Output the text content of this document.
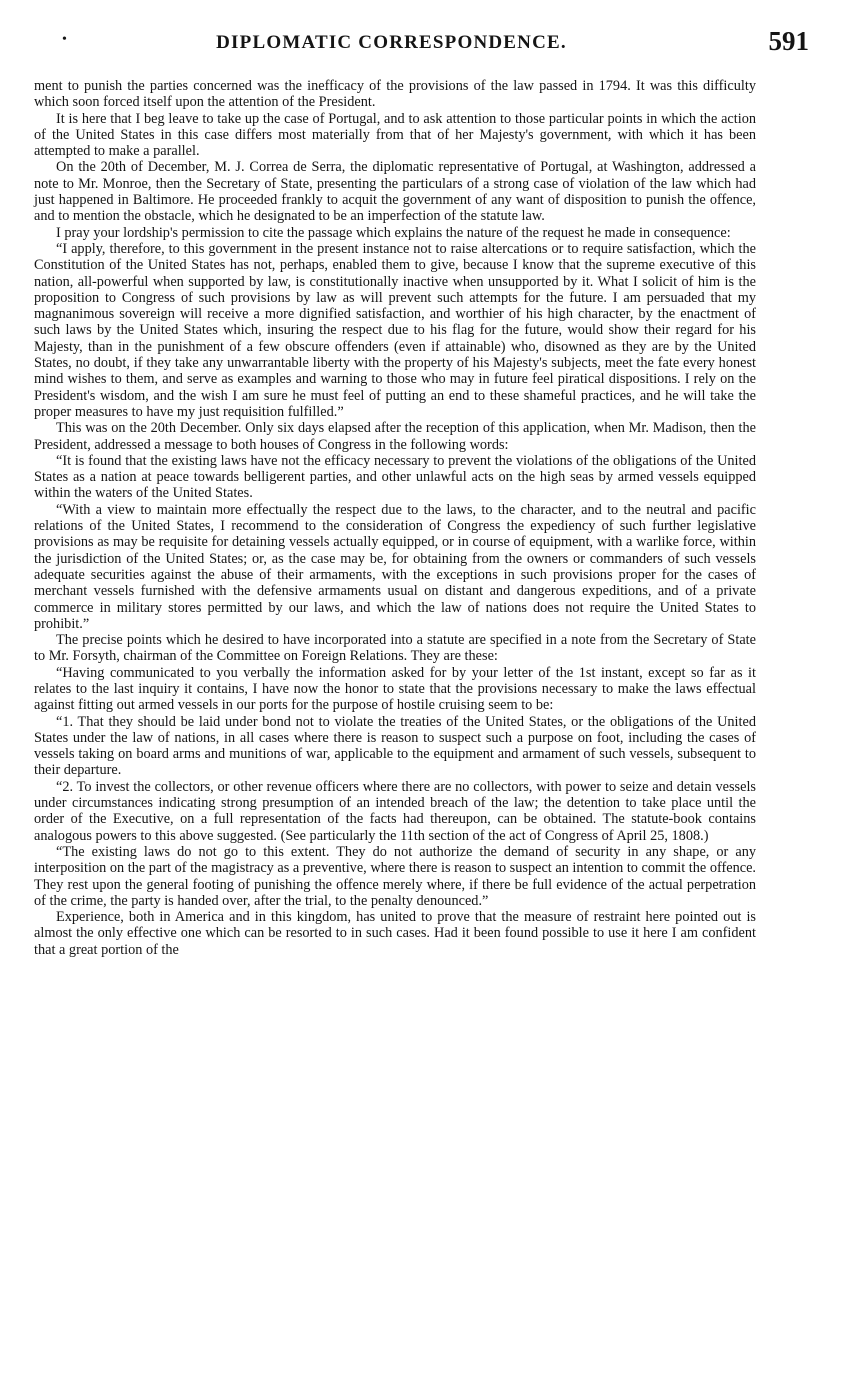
•	DIPLOMATIC CORRESPONDENCE.	591

ment to punish the parties concerned was the inefficacy of the provisions of the law passed in 1794. It was this difficulty which soon forced itself upon the attention of the President.

It is here that I beg leave to take up the case of Portugal, and to ask attention to those particular points in which the action of the United States in this case differs most materially from that of her Majesty's government, with which it has been attempted to make a parallel.

On the 20th of December, M. J. Correa de Serra, the diplomatic representative of Portugal, at Washington, addressed a note to Mr. Monroe, then the Secretary of State, presenting the particulars of a strong case of violation of the law which had just happened in Baltimore. He proceeded frankly to acquit the government of any want of disposition to punish the offence, and to mention the obstacle, which he designated to be an imperfection of the statute law.

I pray your lordship's permission to cite the passage which explains the nature of the request he made in consequence:

“I apply, therefore, to this government in the present instance not to raise altercations or to require satisfaction, which the Constitution of the United States has not, perhaps, enabled them to give, because I know that the supreme executive of this nation, all-powerful when supported by law, is constitutionally inactive when unsupported by it. What I solicit of him is the proposition to Congress of such provisions by law as will prevent such attempts for the future. I am persuaded that my magnanimous sovereign will receive a more dignified satisfaction, and worthier of his high character, by the enactment of such laws by the United States which, insuring the respect due to his flag for the future, would show their regard for his Majesty, than in the punishment of a few obscure offenders (even if attainable) who, disowned as they are by the United States, no doubt, if they take any unwarrantable liberty with the property of his Majesty's subjects, meet the fate every honest mind wishes to them, and serve as examples and warning to those who may in future feel piratical dispositions. I rely on the President's wisdom, and the wish I am sure he must feel of putting an end to these shameful practices, and he will take the proper measures to have my just requisition fulfilled.”

This was on the 20th December. Only six days elapsed after the reception of this application, when Mr. Madison, then the President, addressed a message to both houses of Congress in the following words:

“It is found that the existing laws have not the efficacy necessary to prevent the violations of the obligations of the United States as a nation at peace towards belligerent parties, and other unlawful acts on the high seas by armed vessels equipped within the waters of the United States.

“With a view to maintain more effectually the respect due to the laws, to the character, and to the neutral and pacific relations of the United States, I recommend to the consideration of Congress the expediency of such further legislative provisions as may be requisite for detaining vessels actually equipped, or in course of equipment, with a warlike force, within the jurisdiction of the United States; or, as the case may be, for obtaining from the owners or commanders of such vessels adequate securities against the abuse of their armaments, with the exceptions in such provisions proper for the cases of merchant vessels furnished with the defensive armaments usual on distant and dangerous expeditions, and of a private commerce in military stores permitted by our laws, and which the law of nations does not require the United States to prohibit.”

The precise points which he desired to have incorporated into a statute are specified in a note from the Secretary of State to Mr. Forsyth, chairman of the Committee on Foreign Relations. They are these:

“Having communicated to you verbally the information asked for by your letter of the 1st instant, except so far as it relates to the last inquiry it contains, I have now the honor to state that the provisions necessary to make the laws effectual against fitting out armed vessels in our ports for the purpose of hostile cruising seem to be:

“1. That they should be laid under bond not to violate the treaties of the United States, or the obligations of the United States under the law of nations, in all cases where there is reason to suspect such a purpose on foot, including the cases of vessels taking on board arms and munitions of war, applicable to the equipment and armament of such vessels, subsequent to their departure.

“2. To invest the collectors, or other revenue officers where there are no collectors, with power to seize and detain vessels under circumstances indicating strong presumption of an intended breach of the law; the detention to take place until the order of the Executive, on a full representation of the facts had thereupon, can be obtained. The statute-book contains analogous powers to this above suggested. (See particularly the 11th section of the act of Congress of April 25, 1808.)

“The existing laws do not go to this extent. They do not authorize the demand of security in any shape, or any interposition on the part of the magistracy as a preventive, where there is reason to suspect an intention to commit the offence. They rest upon the general footing of punishing the offence merely where, if there be full evidence of the actual perpetration of the crime, the party is handed over, after the trial, to the penalty denounced.”

Experience, both in America and in this kingdom, has united to prove that the measure of restraint here pointed out is almost the only effective one which can be resorted to in such cases. Had it been found possible to use it here I am confident that a great portion of the
